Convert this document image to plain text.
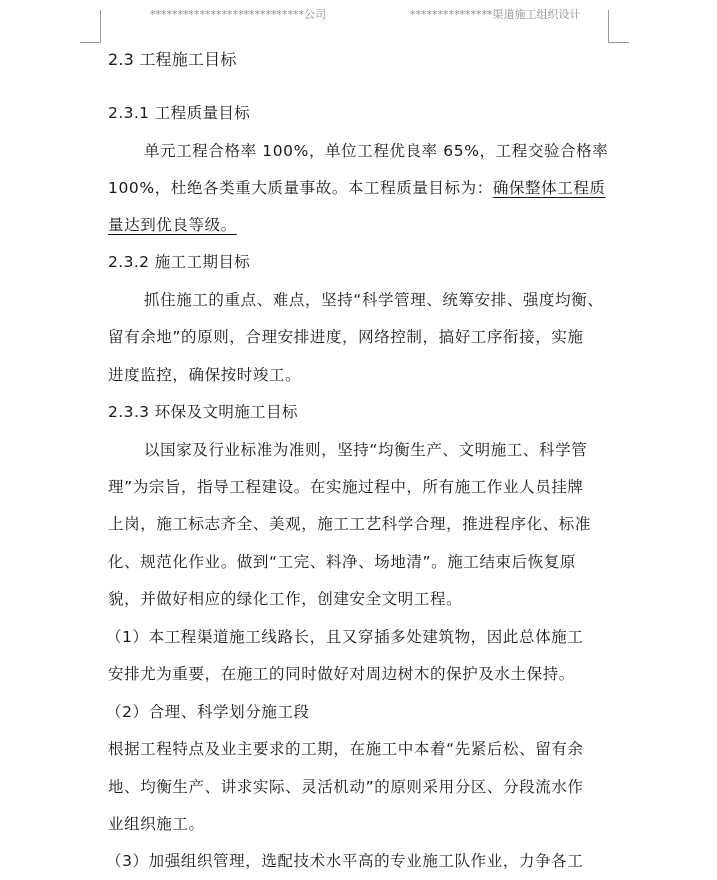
****************************公司	***************渠道施工组织设计
2.3 工程施工目标
2.3.1 工程质量目标
单元工程合格率 100%，单位工程优良率 65%，工程交验合格率
100%，杜绝各类重大质量事故。本工程质量目标为：确保整体工程质
量达到优良等级。
2.3.2 施工工期目标
抓住施工的重点、难点，坚持“科学管理、统筹安排、强度均衡、
留有余地”的原则，合理安排进度，网络控制，搞好工序衔接，实施
进度监控，确保按时竣工。
2.3.3 环保及文明施工目标
以国家及行业标准为准则，坚持“均衡生产、文明施工、科学管
理”为宗旨，指导工程建设。在实施过程中，所有施工作业人员挂牌
上岗，施工标志齐全、美观，施工工艺科学合理，推进程序化、标准
化、规范化作业。做到“工完、料净、场地清”。施工结束后恢复原
貌，并做好相应的绿化工作，创建安全文明工程。
（1）本工程渠道施工线路长，且又穿插多处建筑物，因此总体施工
安排尤为重要，在施工的同时做好对周边树木的保护及水土保持。
（2）合理、科学划分施工段
根据工程特点及业主要求的工期，在施工中本着“先紧后松、留有余
地、均衡生产、讲求实际、灵活机动”的原则采用分区、分段流水作
业组织施工。
（3）加强组织管理，选配技术水平高的专业施工队作业，力争各工
